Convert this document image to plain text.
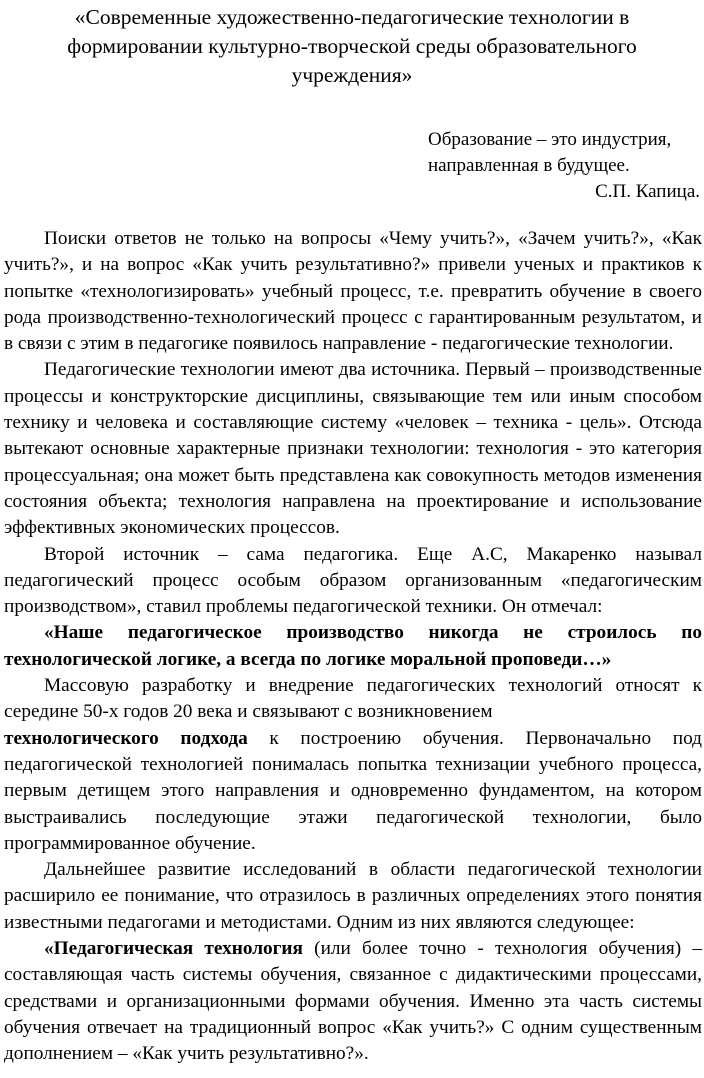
«Современные художественно-педагогические технологии в формировании культурно-творческой среды образовательного учреждения»
Образование – это индустрия,
направленная в будущее.
С.П. Капица.

Поиски ответов не только на вопросы «Чему учить?», «Зачем учить?», «Как учить?», и на вопрос «Как учить результативно?» привели ученых и практиков к попытке «технологизировать» учебный процесс, т.е. превратить обучение в своего рода производственно-технологический процесс с гарантированным результатом, и в связи с этим в педагогике появилось направление - педагогические технологии.

Педагогические технологии имеют два источника. Первый – производственные процессы и конструкторские дисциплины, связывающие тем или иным способом технику и человека и составляющие систему «человек – техника - цель». Отсюда вытекают основные характерные признаки технологии: технология - это категория процессуальная; она может быть представлена как совокупность методов изменения состояния объекта; технология направлена на проектирование и использование эффективных экономических процессов.

Второй источник – сама педагогика. Еще А.С, Макаренко называл педагогический процесс особым образом организованным «педагогическим производством», ставил проблемы педагогической техники. Он отмечал:

«Наше педагогическое производство никогда не строилось по технологической логике, а всегда по логике моральной проповеди…»

Массовую разработку и внедрение педагогических технологий относят к середине 50-х годов 20 века и связывают с возникновением
технологического подхода к построению обучения. Первоначально под педагогической технологией понималась попытка технизации учебного процесса, первым детищем этого направления и одновременно фундаментом, на котором выстраивались последующие этажи педагогической технологии, было программированное обучение.

Дальнейшее развитие исследований в области педагогической технологии расширило ее понимание, что отразилось в различных определениях этого понятия известными педагогами и методистами. Одним из них являются следующее:

«Педагогическая технология (или более точно - технология обучения) – составляющая часть системы обучения, связанное с дидактическими процессами, средствами и организационными формами обучения. Именно эта часть системы обучения отвечает на традиционный вопрос «Как учить?» С одним существенным дополнением – «Как учить результативно?».
